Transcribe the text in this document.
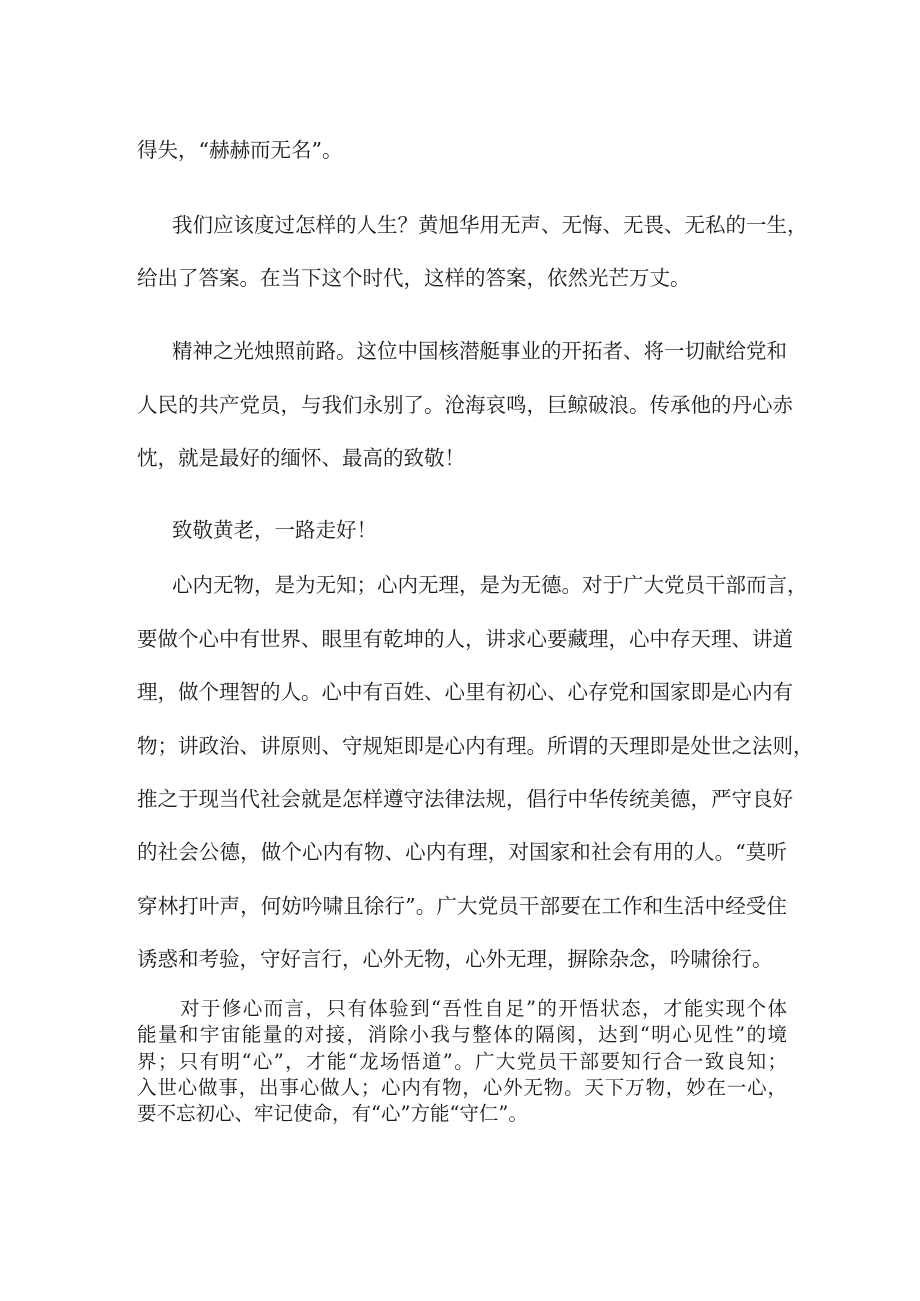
得失，“赫赫而无名”。
我们应该度过怎样的人生？黄旭华用无声、无悔、无畏、无私的一生，
给出了答案。在当下这个时代，这样的答案，依然光芒万丈。
精神之光烛照前路。这位中国核潜艇事业的开拓者、将一切献给党和
人民的共产党员，与我们永别了。沧海哀鸣，巨鲸破浪。传承他的丹心赤
忱，就是最好的缅怀、最高的致敬！
致敬黄老，一路走好！
心内无物，是为无知；心内无理，是为无德。对于广大党员干部而言，
要做个心中有世界、眼里有乾坤的人，讲求心要藏理，心中存天理、讲道
理，做个理智的人。心中有百姓、心里有初心、心存党和国家即是心内有
物；讲政治、讲原则、守规矩即是心内有理。所谓的天理即是处世之法则，
推之于现当代社会就是怎样遵守法律法规，倡行中华传统美德，严守良好
的社会公德，做个心内有物、心内有理，对国家和社会有用的人。“莫听
穿林打叶声，何妨吟啸且徐行”。广大党员干部要在工作和生活中经受住
诱惑和考验，守好言行，心外无物，心外无理，摒除杂念，吟啸徐行。
对于修心而言，只有体验到“吾性自足”的开悟状态，才能实现个体
能量和宇宙能量的对接，消除小我与整体的隔阂，达到“明心见性”的境
界；只有明“心”，才能“龙场悟道”。广大党员干部要知行合一致良知；
入世心做事，出事心做人；心内有物，心外无物。天下万物，妙在一心，
要不忘初心、牢记使命，有“心”方能“守仁”。
